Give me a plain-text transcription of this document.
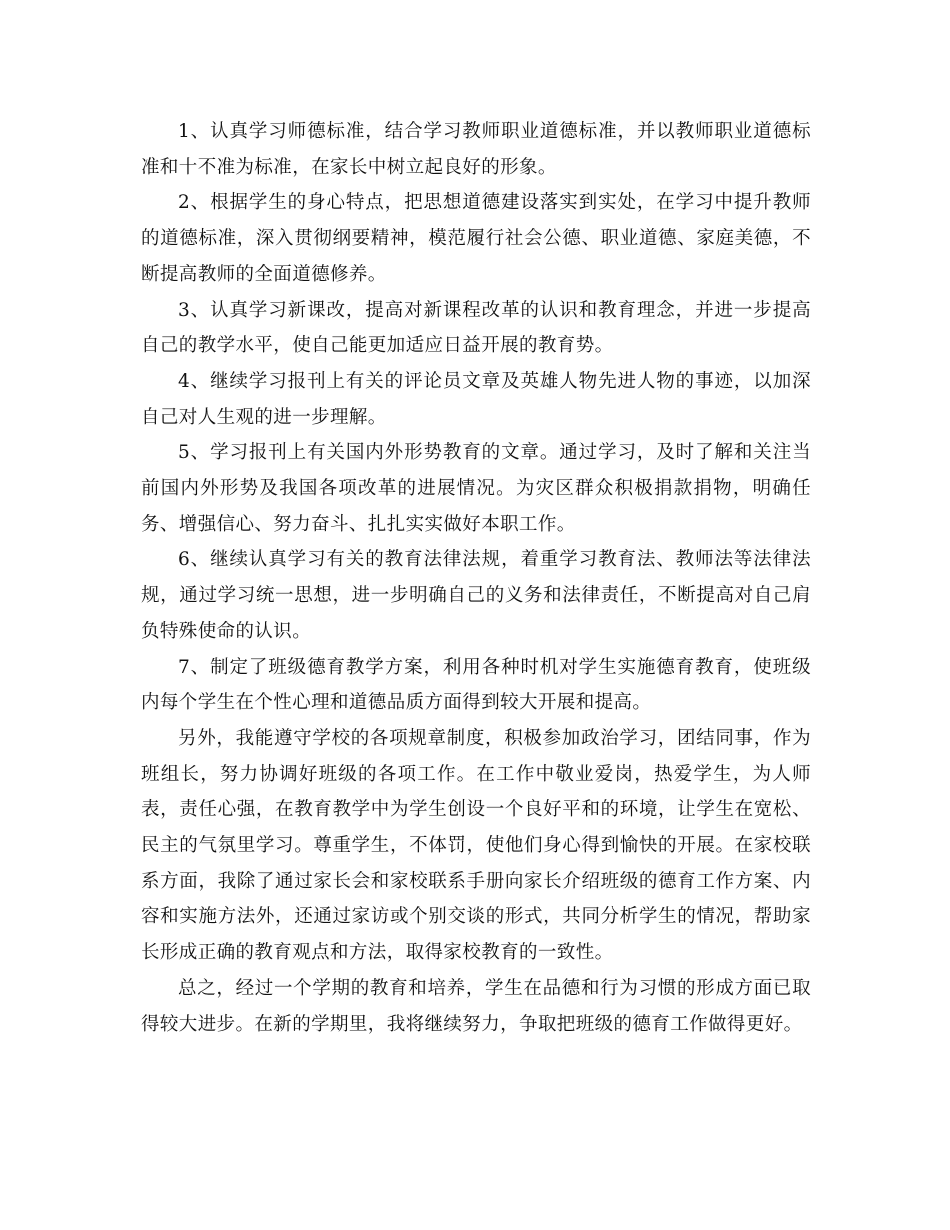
1、认真学习师德标准，结合学习教师职业道德标准，并以教师职业道德标准和十不准为标准，在家长中树立起良好的形象。

2、根据学生的身心特点，把思想道德建设落实到实处，在学习中提升教师的道德标准，深入贯彻纲要精神，模范履行社会公德、职业道德、家庭美德，不断提高教师的全面道德修养。

3、认真学习新课改，提高对新课程改革的认识和教育理念，并进一步提高自己的教学水平，使自己能更加适应日益开展的教育势。

4、继续学习报刊上有关的评论员文章及英雄人物先进人物的事迹，以加深自己对人生观的进一步理解。

5、学习报刊上有关国内外形势教育的文章。通过学习，及时了解和关注当前国内外形势及我国各项改革的进展情况。为灾区群众积极捐款捐物，明确任务、增强信心、努力奋斗、扎扎实实做好本职工作。

6、继续认真学习有关的教育法律法规，着重学习教育法、教师法等法律法规，通过学习统一思想，进一步明确自己的义务和法律责任，不断提高对自己肩负特殊使命的认识。

7、制定了班级德育教学方案，利用各种时机对学生实施德育教育，使班级内每个学生在个性心理和道德品质方面得到较大开展和提高。

另外，我能遵守学校的各项规章制度，积极参加政治学习，团结同事，作为班组长，努力协调好班级的各项工作。在工作中敬业爱岗，热爱学生，为人师表，责任心强，在教育教学中为学生创设一个良好平和的环境，让学生在宽松、民主的气氛里学习。尊重学生，不体罚，使他们身心得到愉快的开展。在家校联系方面，我除了通过家长会和家校联系手册向家长介绍班级的德育工作方案、内容和实施方法外，还通过家访或个别交谈的形式，共同分析学生的情况，帮助家长形成正确的教育观点和方法，取得家校教育的一致性。

总之，经过一个学期的教育和培养，学生在品德和行为习惯的形成方面已取得较大进步。在新的学期里，我将继续努力，争取把班级的德育工作做得更好。
